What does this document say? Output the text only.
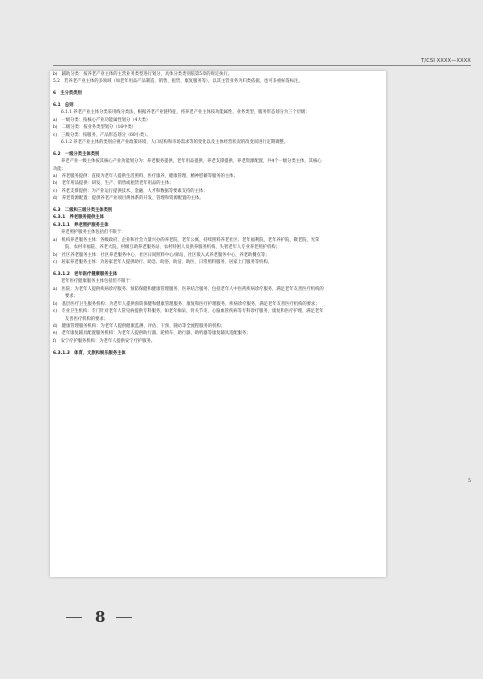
T/CSI XXXX—XXXX

b)　辅助分类：按养老产业主体的主营业务类型进行划分，具体分类类别依第5章的规定执行。

5.2　若养老产业主体的多领域（如老年用品产品制造、销售、租赁、康复服务等），以其主营业务为归类依据，也可多重标签标注。

6　主分类类别

6.1　总则

6.1.1 养老产业主体分类采用线分类法，根据养老产业链特征，将养老产业主体按功能属性、业务类型、服务形态划分为三个层级：

a)　一级分类：按核心产业功能属性划分（4大类）

b)　二级分类：按业务类型划分（16中类）

c)　三级分类：按服务、产品形态划分（60小类）。

6.1.2 养老产业主体的类别应视产业政策环境、人口结构和市场需求等的变化以及主体经营状况的改变而进行定期调整。

6.2　一级分类主体类别

养老产业一级主体按其核心产业功能划分为：养老服务提供、老年用品提供、养老支撑提供、养老资源配置，共4个一级分类主体，其核心功能：

a)　养老服务提供：直接为老年人提供生活照料、医疗康养、健康管理、精神慰藉等服务的主体；

b)　老年用品提供：研发、生产、销售或租赁老年用品的主体；

c)　养老支撑提供：为产业运行提供技术、金融、人才和数据等要素支持的主体；

d)　养老资源配置：提供养老产业项目规体系的开发、管理和资源配置的主体。

6.3　二级和三级分类主体类别

6.3.1　养老服务提供主体

6.3.1.1　养老照护服务主体

养老照护服务主体包括但不限于：

a)　机构养老服务主体：各级政府、企业和社会力量兴办的养老院、老年公寓、持续照料养老社区；老年福利院、老年养护院、敬老院、光荣院、农村幸福院、养老大院，村级互助养老服务站、农村特困人员供养服务机构，失智老年人专业养老照护机构；

b)　社区养老服务主体：社区养老服务中心、社区日间照料中心/驿站、社区嵌入式养老服务中心、养老助餐点等；

c)　居家养老服务主体：为居家老年人提供助行、助急、助浴、助洁、助医、日常照料服务、居家上门服务等机构。

6.3.1.2　老年医疗健康服务主体

老年医疗健康服务主体包括但不限于：

a)　医院：为老年人提供疾病诊疗服务、预防保健和健康管理服务、医养结合服务，包括老年人中医药疾病诊疗服务，满足老年友善医疗机构的要求；

b)　基层医疗卫生服务机构：为老年人提供预防保健和健康管理服务、康复和医疗护理服务，疾病诊疗服务，满足老年友善医疗机构的要求；

c)　专业卫生机构：专门针对老年人常见病提供专科服务，如老年痴呆、骨关节炎、心脑血管疾病等专科诊疗服务，康复和医疗护理，满足老年友善医疗机构的要求；

d)　健康管理服务机构：为老年人提供健康监测、评估、干预、随访等全流程服务的机构；

e)　老年康复辅具配置服务机构：为老年人提供助行器、轮椅车、助行器、助听器等康复辅具适配服务；

f)　安宁疗护服务机构：为老年人提供安宁疗护服务。

6.3.1.3　体育、文旅和娱乐服务主体

5
8
